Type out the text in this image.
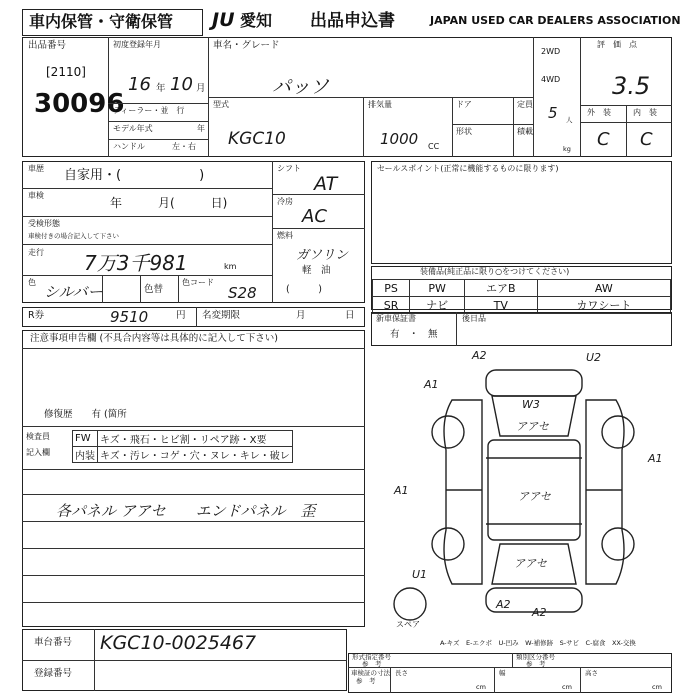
車内保管・守衛保管 JU 愛知 出品申込書	JAPAN USED CAR DEALERS ASSOCIATION
出品番号
[2110]
30096
初度登録年月
16 年 10 月
ディーラー・並　行
モデル年式	年
ハンドル	左・右
車名・グレード
パッソ
2WD
4WD
型式
KGC10
排気量
1000 CC
ドア	定員 5 人
形状	積載
kg
評　価　点
3.5
外　装	内　装
C C
車歴 自家用・(　　　　　　)
車検
年　　　月(　　　日)
受検形態
車検付きの場合記入して下さい
走行 7万3千981	km
色
シルバー	色替
色コード
S28
シフト
AT
冷房
AC
燃料
ガソリン
軽　油
(　　　)
セールスポイント(正常に機能するものに限ります)
装備品(純正品に限り○をつけてください)
PS	PW	エアB	AW
SR	ナビ	TV	カワシート
R券	9510	円 名変期限	月	日	新車保証書
有　・　無
後日品
注意事項申告欄 (不具合内容等は具体的に記入して下さい)
修復歴　　有 (箇所
検査員
記入欄
FW	キズ・飛石・ヒビ割・リペア跡・X要
内装	キズ・汚レ・コゲ・穴・ヌレ・キレ・破レ
各パネル アアセ　　エンドパネル　歪
A2	U2
A1
W3
アアセ
A1
A1	アアセ
U1
アアセ
A2
A2
スペア
A-キズ　E-エクボ　U-凹み　W-補修跡　S-サビ　C-腐食　XX-交換
車台番号 KGC10-0025467
登録番号
形式指定番号
参　考
類別区分番号
参　考
車検証の寸法
参　考
長さ
cm
幅
cm
高さ
cm
